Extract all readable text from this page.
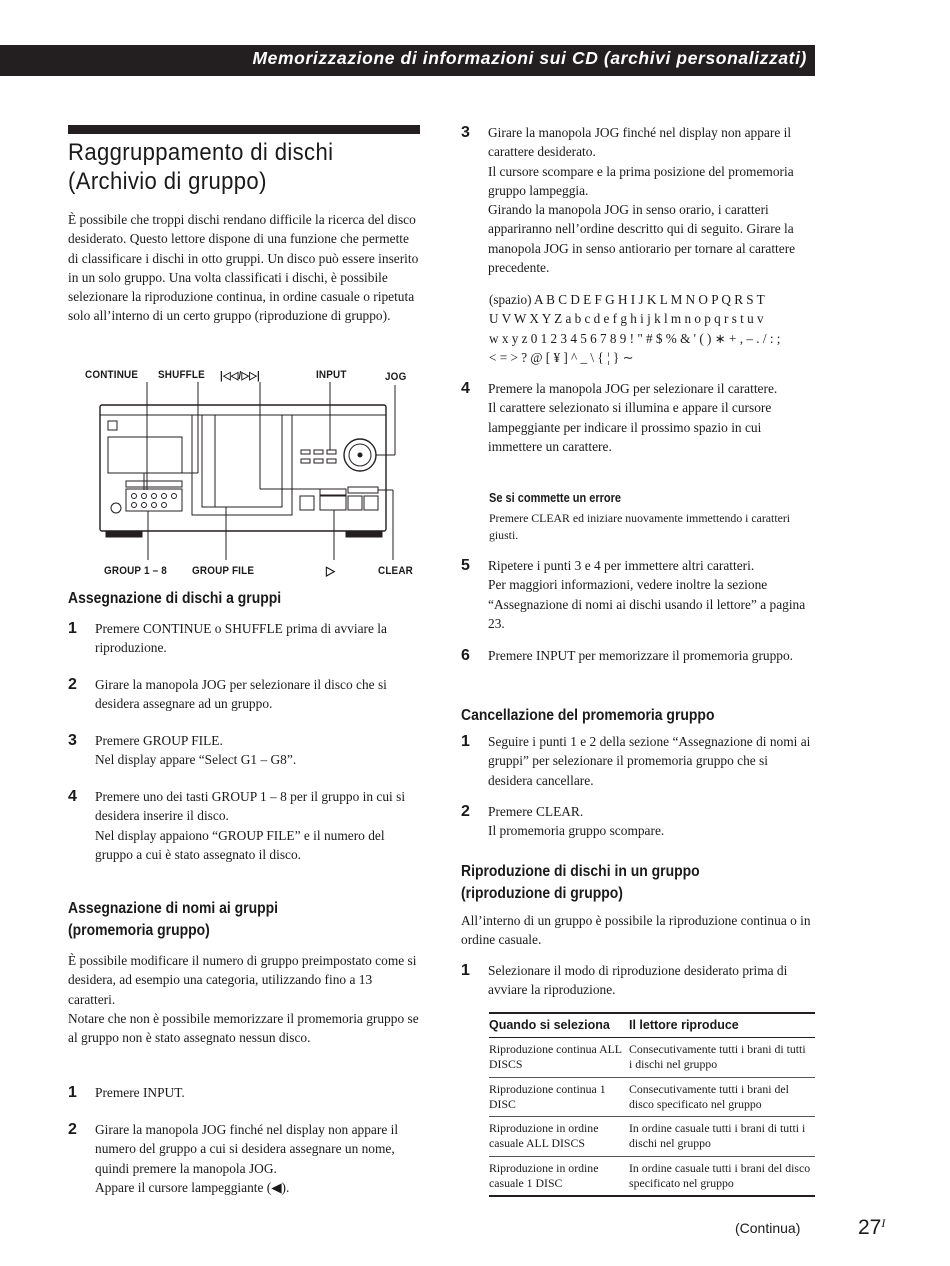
Memorizzazione di informazioni sui CD (archivi personalizzati)
Raggruppamento di dischi
(Archivio di gruppo)

È possibile che troppi dischi rendano difficile la ricerca del disco desiderato. Questo lettore dispone di una funzione che permette di classificare i dischi in otto gruppi. Un disco può essere inserito in un solo gruppo. Una volta classificati i dischi, è possibile selezionare la riproduzione continua, in ordine casuale o ripetuta solo all’interno di un certo gruppo (riproduzione di gruppo).

CONTINUE SHUFFLE |◁◁/▷▷|	INPUT	JOG
GROUP 1 – 8 GROUP FILE	▷	CLEAR
Assegnazione di dischi a gruppi
1	Premere CONTINUE o SHUFFLE prima di avviare la riproduzione.
2	Girare la manopola JOG per selezionare il disco che si desidera assegnare ad un gruppo.
3	Premere GROUP FILE.
Nel display appare “Select G1 – G8”.
4	Premere uno dei tasti GROUP 1 – 8 per il gruppo in cui si desidera inserire il disco.
Nel display appaiono “GROUP FILE” e il numero del gruppo a cui è stato assegnato il disco.
Assegnazione di nomi ai gruppi
(promemoria gruppo)

È possibile modificare il numero di gruppo preimpostato come si desidera, ad esempio una categoria, utilizzando fino a 13 caratteri.
Notare che non è possibile memorizzare il promemoria gruppo se al gruppo non è stato assegnato nessun disco.

1	Premere INPUT.
2	Girare la manopola JOG finché nel display non appare il numero del gruppo a cui si desidera assegnare un nome, quindi premere la manopola JOG.
Appare il cursore lampeggiante (◀).
3	Girare la manopola JOG finché nel display non appare il carattere desiderato.
Il cursore scompare e la prima posizione del promemoria gruppo lampeggia.
Girando la manopola JOG in senso orario, i caratteri appariranno nell’ordine descritto qui di seguito. Girare la manopola JOG in senso antiorario per tornare al carattere precedente.
(spazio) A B C D E F G H I J K L M N O P Q R S T
U V W X Y Z a b c d e f g h i j k l m n o p q r s t u v
w x y z 0 1 2 3 4 5 6 7 8 9 ! " # $ % & ' ( ) ∗ + , – . / : ;
< = > ? @ [ ¥ ] ^ _ \ { ¦ } ∼
4	Premere la manopola JOG per selezionare il carattere.
Il carattere selezionato si illumina e appare il cursore lampeggiante per indicare il prossimo spazio in cui immettere un carattere.
Se si commette un errore
Premere CLEAR ed iniziare nuovamente immettendo i caratteri giusti.
5	Ripetere i punti 3 e 4 per immettere altri caratteri.
Per maggiori informazioni, vedere inoltre la sezione “Assegnazione di nomi ai dischi usando il lettore” a pagina 23.
6	Premere INPUT per memorizzare il promemoria gruppo.
Cancellazione del promemoria gruppo
1	Seguire i punti 1 e 2 della sezione “Assegnazione di nomi ai gruppi” per selezionare il promemoria gruppo che si desidera cancellare.
2	Premere CLEAR.
Il promemoria gruppo scompare.
Riproduzione di dischi in un gruppo
(riproduzione di gruppo)

All’interno di un gruppo è possibile la riproduzione continua o in ordine casuale.

1	Selezionare il modo di riproduzione desiderato prima di avviare la riproduzione.
Quando si seleziona	Il lettore riproduce
Riproduzione continua ALL DISCS	Consecutivamente tutti i brani di tutti i dischi nel gruppo
Riproduzione continua 1 DISC	Consecutivamente tutti i brani del disco specificato nel gruppo
Riproduzione in ordine casuale ALL DISCS	In ordine casuale tutti i brani di tutti i dischi nel gruppo
Riproduzione in ordine casuale 1 DISC	In ordine casuale tutti i brani del disco specificato nel gruppo
(Continua)	$27^I$
